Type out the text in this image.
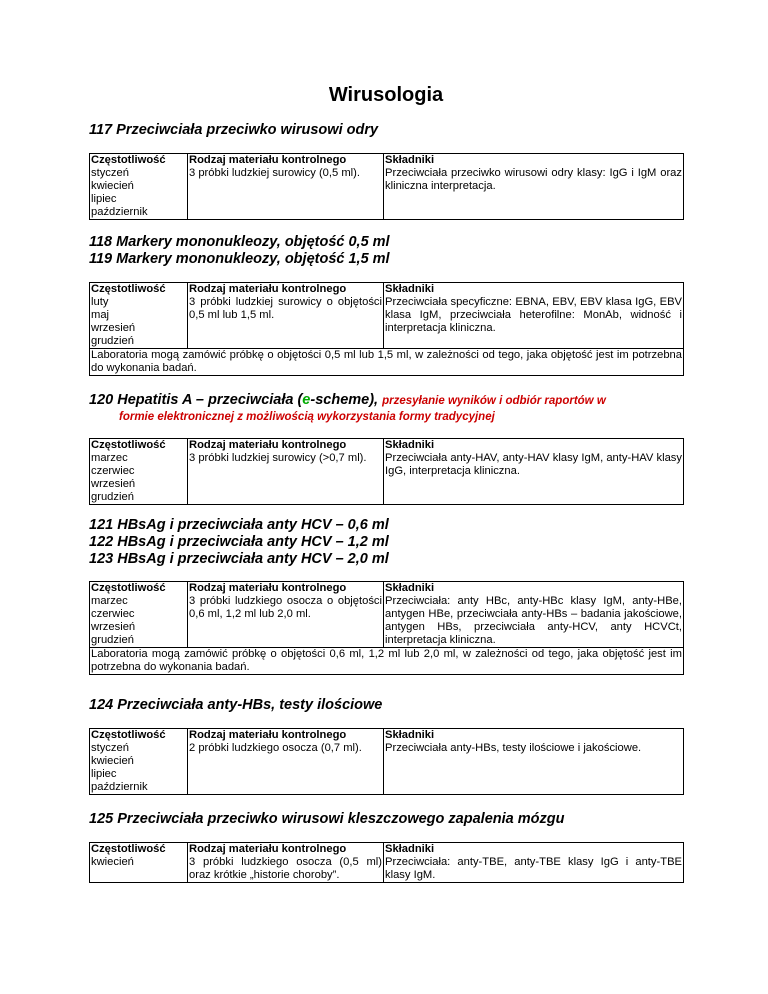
Wirusologia

117 Przeciwciała przeciwko wirusowi odry

Częstotliwość	Rodzaj materiału kontrolnego	Składniki

styczeń
kwiecień
lipiec
październik	3 próbki ludzkiej surowicy (0,5 ml).	Przeciwciała przeciwko wirusowi odry klasy: IgG i IgM oraz kliniczna interpretacja.

118 Markery mononukleozy, objętość 0,5 ml

119 Markery mononukleozy, objętość 1,5 ml

Częstotliwość	Rodzaj materiału kontrolnego	Składniki

luty
maj
wrzesień
grudzień	3 próbki ludzkiej surowicy o objętości 0,5 ml lub 1,5 ml.	Przeciwciała specyficzne: EBNA, EBV, EBV klasa IgG, EBV klasa IgM, przeciwciała heterofilne: MonAb, widność i interpretacja kliniczna.
Laboratoria mogą zamówić próbkę o objętości 0,5 ml lub 1,5 ml, w zależności od tego, jaka objętość jest im potrzebna do wykonania badań.		

120 Hepatitis A – przeciwciała (e-scheme), przesyłanie wyników i odbiór raportów w

formie elektronicznej z możliwością wykorzystania formy tradycyjnej
Częstotliwość	Rodzaj materiału kontrolnego	Składniki

marzec
czerwiec
wrzesień
grudzień	3 próbki ludzkiej surowicy (>0,7 ml).	Przeciwciała anty-HAV, anty-HAV klasy IgM, anty-HAV klasy IgG, interpretacja kliniczna.

121 HBsAg i przeciwciała anty HCV – 0,6 ml

122 HBsAg i przeciwciała anty HCV – 1,2 ml

123 HBsAg i przeciwciała anty HCV – 2,0 ml

Częstotliwość	Rodzaj materiału kontrolnego	Składniki

marzec
czerwiec
wrzesień
grudzień	3 próbki ludzkiego osocza o objętości 0,6 ml, 1,2 ml lub 2,0 ml.	Przeciwciała: anty HBc, anty-HBc klasy IgM, anty-HBe, antygen HBe, przeciwciała anty-HBs – badania jakościowe, antygen HBs, przeciwciała anty-HCV, anty HCVCt, interpretacja kliniczna.
Laboratoria mogą zamówić próbkę o objętości 0,6 ml, 1,2 ml lub 2,0 ml, w zależności od tego, jaka objętość jest im potrzebna do wykonania badań.		

124 Przeciwciała anty-HBs, testy ilościowe

Częstotliwość	Rodzaj materiału kontrolnego	Składniki

styczeń
kwiecień
lipiec
październik	2 próbki ludzkiego osocza (0,7 ml).	Przeciwciała anty-HBs, testy ilościowe i jakościowe.

125 Przeciwciała przeciwko wirusowi kleszczowego zapalenia mózgu

Częstotliwość	Rodzaj materiału kontrolnego	Składniki

kwiecień	3 próbki ludzkiego osocza (0,5 ml) oraz krótkie „historie choroby”.	Przeciwciała: anty-TBE, anty-TBE klasy IgG i anty-TBE klasy IgM.
